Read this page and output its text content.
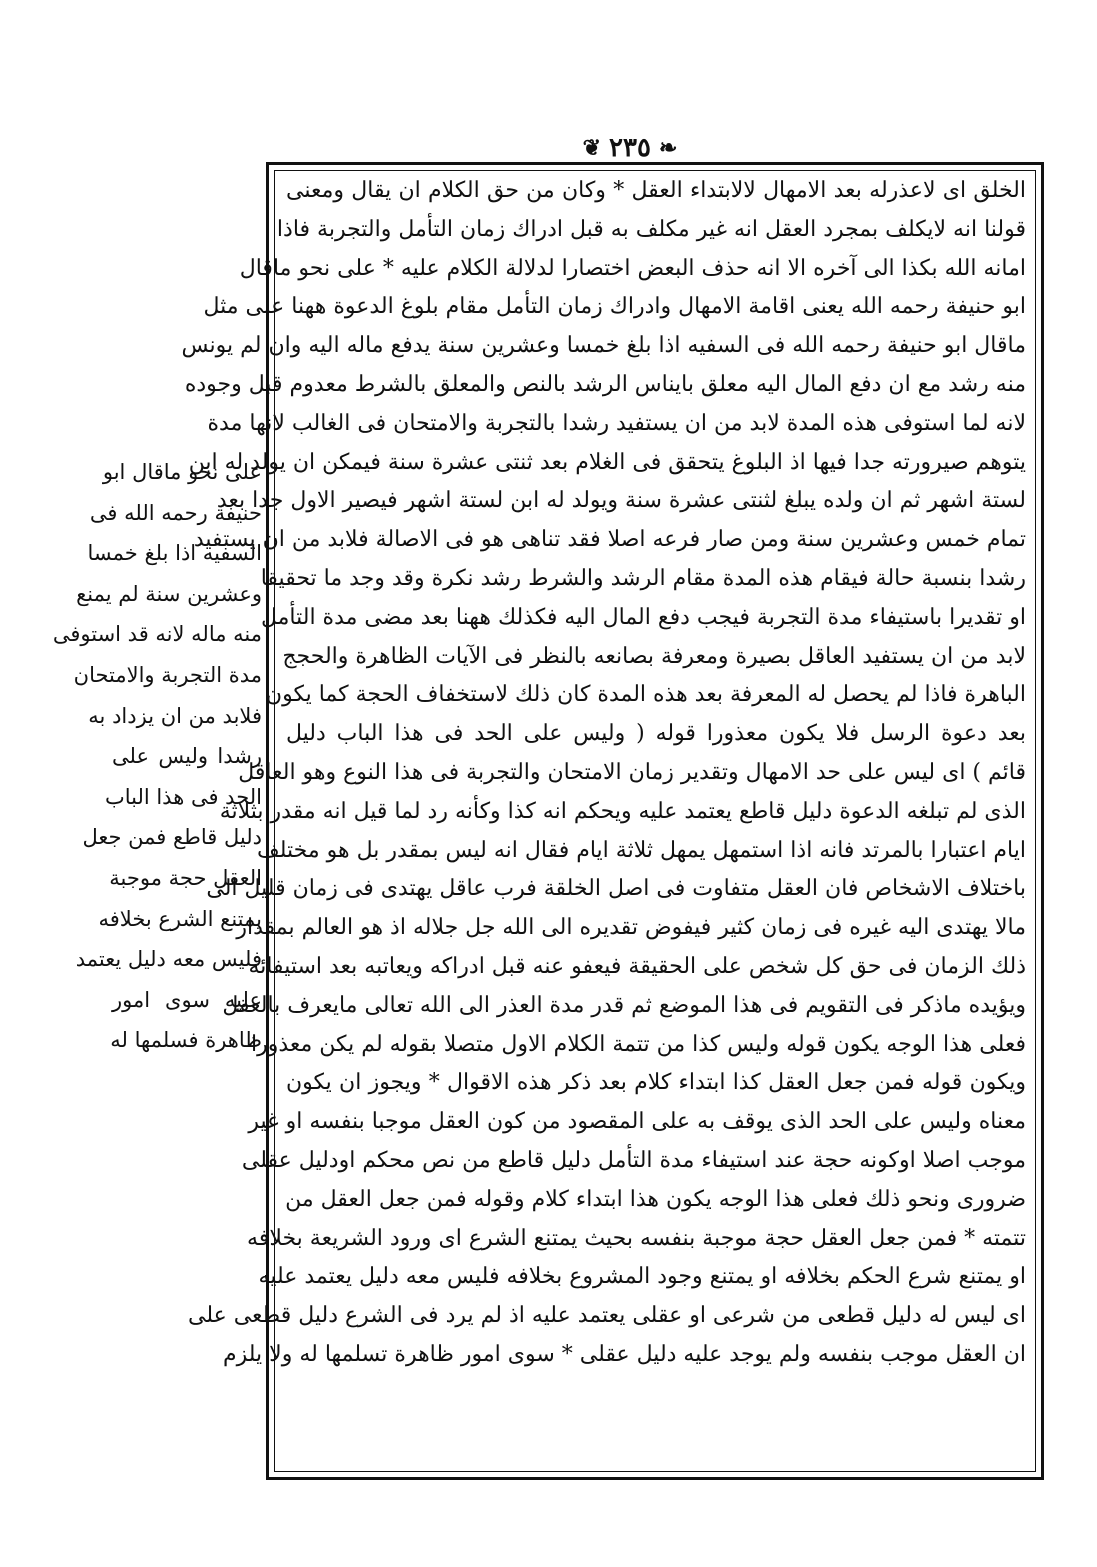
❦ ٢٣٥ ❧
الخلق اى لاعذرله بعد الامهال لالابتداء العقل * وكان من حق الكلام ان يقال ومعنى
قولنا انه لايكلف بمجرد العقل انه غير مكلف به قبل ادراك زمان التأمل والتجربة فاذا
امانه الله بكذا الى آخره الا انه حذف البعض اختصارا لدلالة الكلام عليه * على نحو ماقال
ابو حنيفة رحمه الله يعنى اقامة الامهال وادراك زمان التأمل مقام بلوغ الدعوة ههنا على مثل
ماقال ابو حنيفة رحمه الله فى السفيه اذا بلغ خمسا وعشرين سنة يدفع ماله اليه وان لم يونس
منه رشد مع ان دفع المال اليه معلق بايناس الرشد بالنص والمعلق بالشرط معدوم قبل وجوده
لانه لما استوفى هذه المدة لابد من ان يستفيد رشدا بالتجربة والامتحان فى الغالب لانها مدة
يتوهم صيرورته جدا فيها اذ البلوغ يتحقق فى الغلام بعد ثنتى عشرة سنة فيمكن ان يولد له ابن
لستة اشهر ثم ان ولده يبلغ لثنتى عشرة سنة ويولد له ابن لستة اشهر فيصير الاول جدا بعد
تمام خمس وعشرين سنة ومن صار فرعه اصلا فقد تناهى هو فى الاصالة فلابد من ان يستفيد
رشدا بنسبة حالة فيقام هذه المدة مقام الرشد والشرط رشد نكرة وقد وجد ما تحقيقا
او تقديرا باستيفاء مدة التجربة فيجب دفع المال اليه فكذلك ههنا بعد مضى مدة التأمل
لابد من ان يستفيد العاقل بصيرة ومعرفة بصانعه بالنظر فى الآيات الظاهرة والحجج
الباهرة فاذا لم يحصل له المعرفة بعد هذه المدة كان ذلك لاستخفاف الحجة كما يكون
بعد دعوة الرسل فلا يكون معذورا قوله ( وليس على الحد فى هذا الباب دليل
قائم ) اى ليس على حد الامهال وتقدير زمان الامتحان والتجربة فى هذا النوع وهو العاقل
الذى لم تبلغه الدعوة دليل قاطع يعتمد عليه ويحكم انه كذا وكأنه رد لما قيل انه مقدر بثلاثة
ايام اعتبارا بالمرتد فانه اذا استمهل يمهل ثلاثة ايام فقال انه ليس بمقدر بل هو مختلف
باختلاف الاشخاص فان العقل متفاوت فى اصل الخلقة فرب عاقل يهتدى فى زمان قليل الى
مالا يهتدى اليه غيره فى زمان كثير فيفوض تقديره الى الله جل جلاله اذ هو العالم بمقدار
ذلك الزمان فى حق كل شخص على الحقيقة فيعفو عنه قبل ادراكه ويعاتبه بعد استيفائه
ويؤيده ماذكر فى التقويم فى هذا الموضع ثم قدر مدة العذر الى الله تعالى مايعرف بالعقل
فعلى هذا الوجه يكون قوله وليس كذا من تتمة الكلام الاول متصلا بقوله لم يكن معذورا
ويكون قوله فمن جعل العقل كذا ابتداء كلام بعد ذكر هذه الاقوال * ويجوز ان يكون
معناه وليس على الحد الذى يوقف به على المقصود من كون العقل موجبا بنفسه او غير
موجب اصلا اوكونه حجة عند استيفاء مدة التأمل دليل قاطع من نص محكم اودليل عقلى
ضرورى ونحو ذلك فعلى هذا الوجه يكون هذا ابتداء كلام وقوله فمن جعل العقل من
تتمته * فمن جعل العقل حجة موجبة بنفسه بحيث يمتنع الشرع اى ورود الشريعة بخلافه
او يمتنع شرع الحكم بخلافه او يمتنع وجود المشروع بخلافه فليس معه دليل يعتمد عليه
اى ليس له دليل قطعى من شرعى او عقلى يعتمد عليه اذ لم يرد فى الشرع دليل قطعى على
ان العقل موجب بنفسه ولم يوجد عليه دليل عقلى * سوى امور ظاهرة تسلمها له ولا يلزم
على نحو ماقال ابو
حنيفة رحمه الله فى
السفيه اذا بلغ خمسا
وعشرين سنة لم يمنع
منه ماله لانه قد استوفى
مدة التجربة والامتحان
فلابد من ان يزداد به
رشدا وليس على
الحد فى هذا الباب
دليل قاطع فمن جعل
العقل حجة موجبة
يمتنع الشرع بخلافه
فليس معه دليل يعتمد
عليه سوى امور
ظاهرة فسلمها له
